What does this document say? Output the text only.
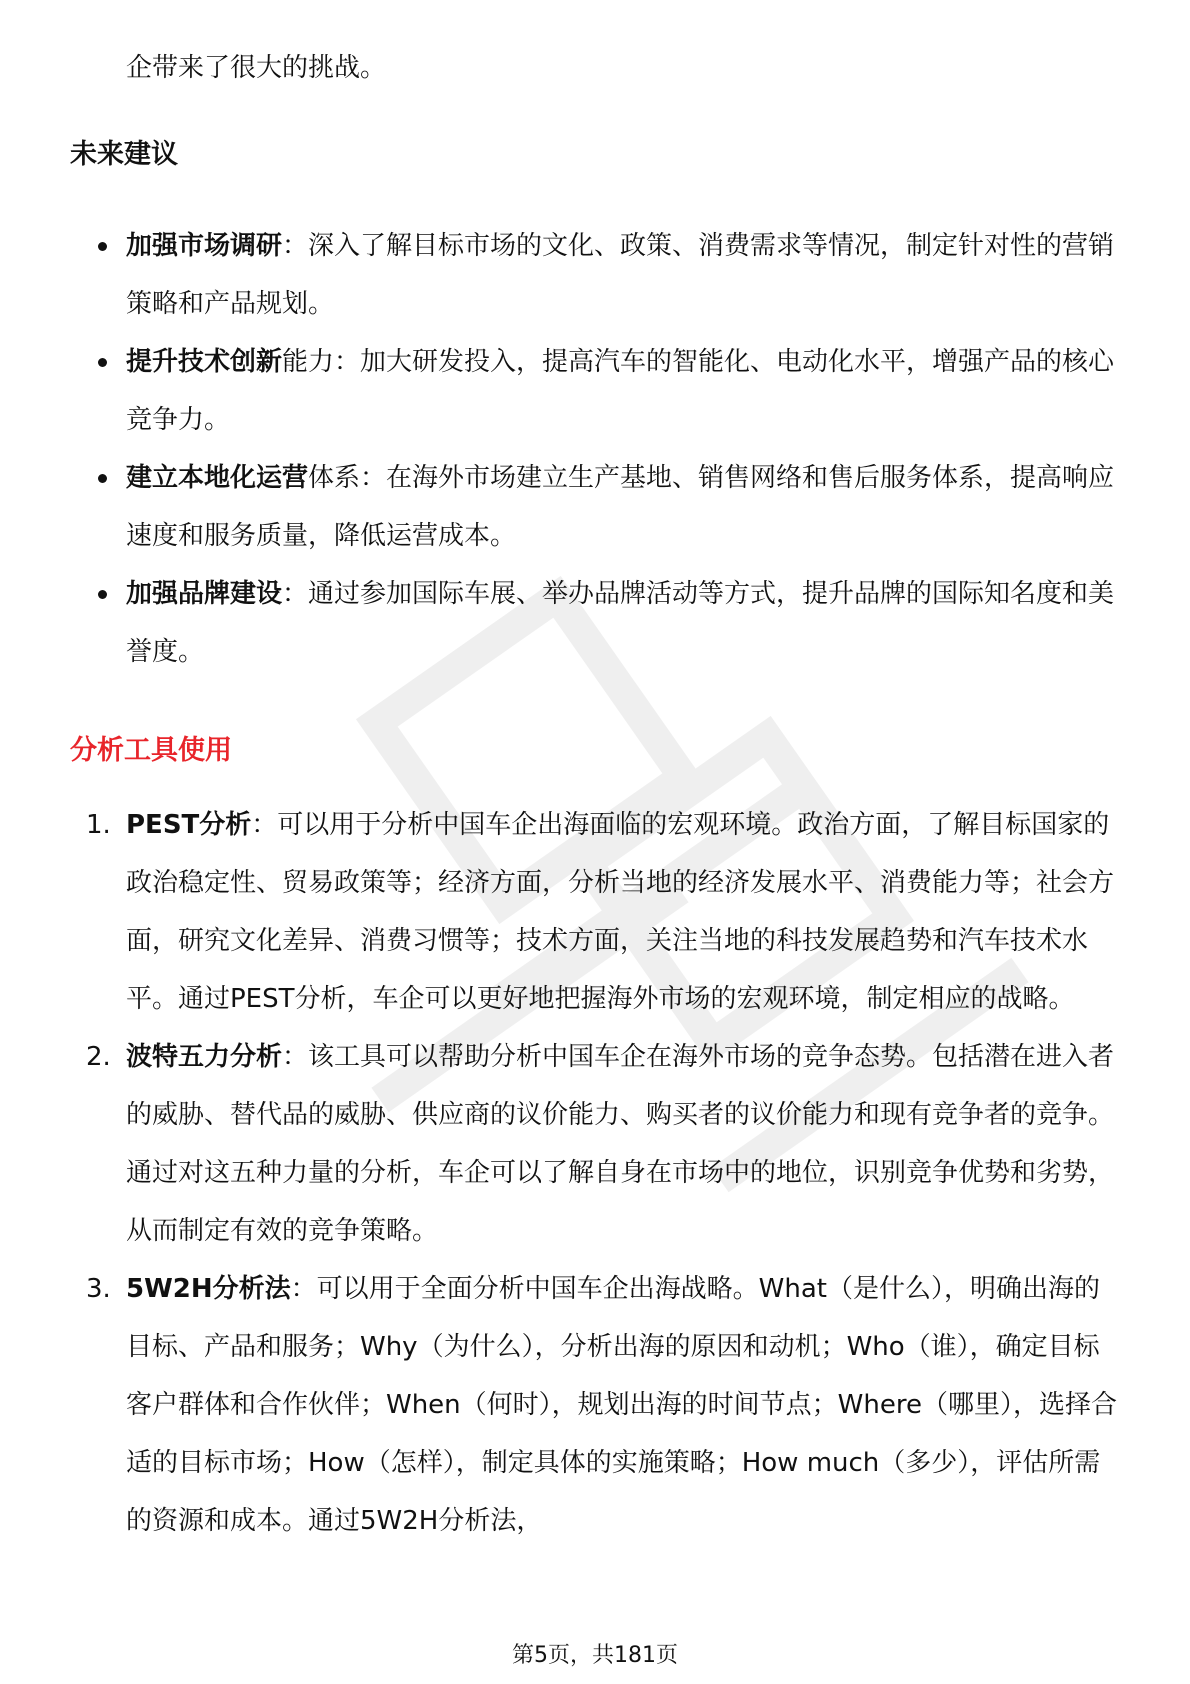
企带来了很大的挑战。

未来建议
加强市场调研：深入了解目标市场的文化、政策、消费需求等情况，制定针对性的营销策略和产品规划。
提升技术创新能力：加大研发投入，提高汽车的智能化、电动化水平，增强产品的核心竞争力。
建立本地化运营体系：在海外市场建立生产基地、销售网络和售后服务体系，提高响应速度和服务质量，降低运营成本。
加强品牌建设：通过参加国际车展、举办品牌活动等方式，提升品牌的国际知名度和美誉度。
分析工具使用
1. PEST分析：可以用于分析中国车企出海面临的宏观环境。政治方面，了解目标国家的政治稳定性、贸易政策等；经济方面，分析当地的经济发展水平、消费能力等；社会方面，研究文化差异、消费习惯等；技术方面，关注当地的科技发展趋势和汽车技术水平。通过PEST分析，车企可以更好地把握海外市场的宏观环境，制定相应的战略。
2. 波特五力分析：该工具可以帮助分析中国车企在海外市场的竞争态势。包括潜在进入者的威胁、替代品的威胁、供应商的议价能力、购买者的议价能力和现有竞争者的竞争。通过对这五种力量的分析，车企可以了解自身在市场中的地位，识别竞争优势和劣势，从而制定有效的竞争策略。
3. 5W2H分析法：可以用于全面分析中国车企出海战略。What（是什么），明确出海的目标、产品和服务；Why（为什么），分析出海的原因和动机；Who（谁），确定目标客户群体和合作伙伴；When（何时），规划出海的时间节点；Where（哪里），选择合适的目标市场；How（怎样），制定具体的实施策略；How much（多少），评估所需的资源和成本。通过5W2H分析法，
第5页，共181页
